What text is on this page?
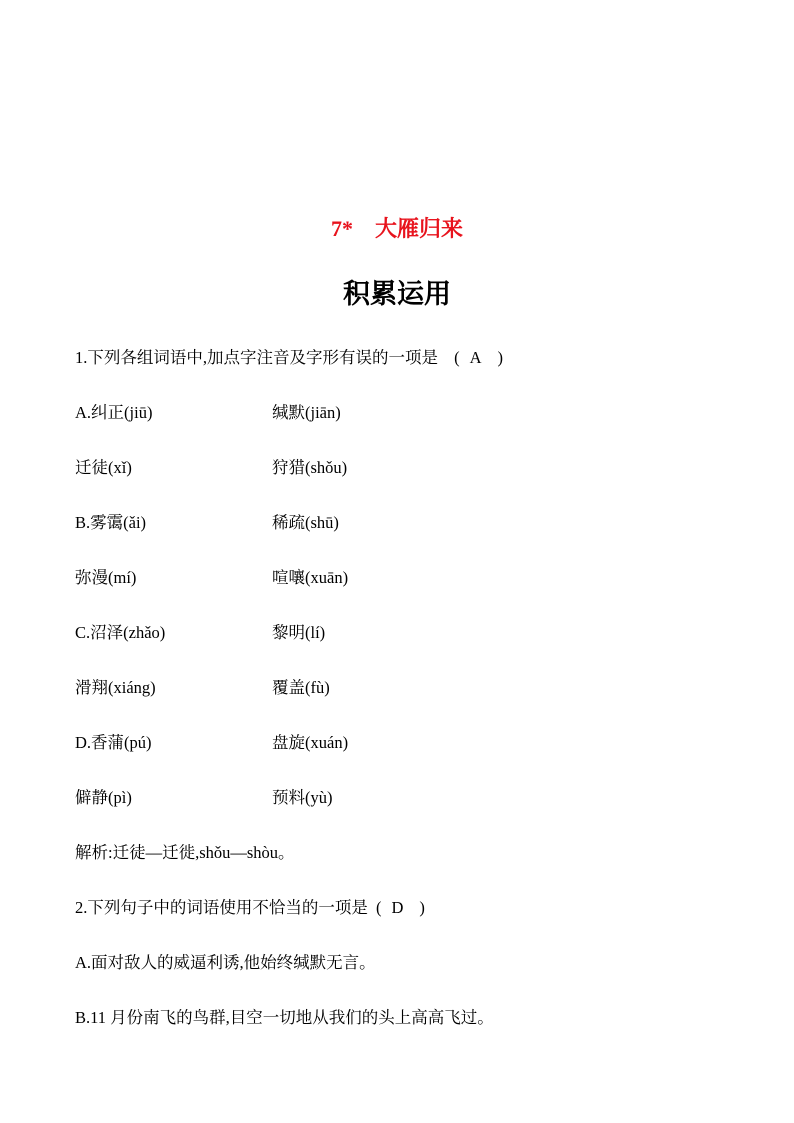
7* 大雁归来
积累运用
1.下列各组词语中,加点字注音及字形有误的一项是 ( A )
A.纠正(jiū)	缄默(jiān)
迁徒(xǐ)	狩猎(shǒu)
B.雾霭(ǎi)	稀疏(shū)
弥漫(mí)	喧嚷(xuān)
C.沼泽(zhǎo)	黎明(lí)
滑翔(xiáng)	覆盖(fù)
D.香蒲(pú)	盘旋(xuán)
僻静(pì)	预料(yù)
解析:迁徒—迁徙,shǒu—shòu。
2.下列句子中的词语使用不恰当的一项是 ( D )
A.面对敌人的威逼利诱,他始终缄默无言。
B.11 月份南飞的鸟群,目空一切地从我们的头上高高飞过。
